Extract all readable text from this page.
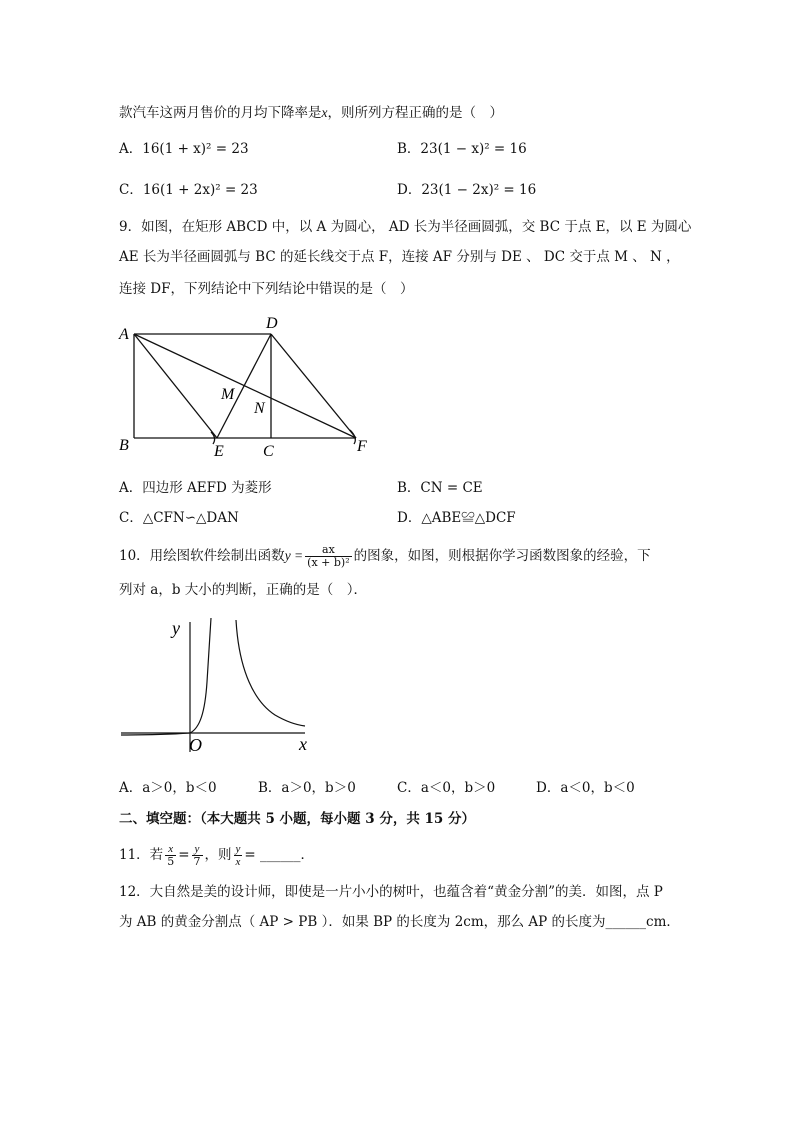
款汽车这两月售价的月均下降率是x，则所列方程正确的是（　）
A．16(1 + x)² = 23	B．23(1 − x)² = 16
C．16(1 + 2x)² = 23	D．23(1 − 2x)² = 16
9．如图，在矩形 ABCD 中，以 A 为圆心， AD 长为半径画圆弧，交 BC 于点 E，以 E 为圆心
AE 长为半径画圆弧与 BC 的延长线交于点 F，连接 AF 分别与 DE 、 DC 交于点 M 、 N ，
连接 DF，下列结论中下列结论中错误的是（　）
A
D
B	E C	F
M
N
A．四边形 AEFD 为菱形	B．CN = CE
C．△CFN∽△DAN	D．△ABE≌△DCF
10．用绘图软件绘制出函数$y = \frac{ax}{\text{(x + b)²}}$ 的图象，如图，则根据你学习函数图象的经验，下
列对 a，b 大小的判断，正确的是（　）．
y
x
O
A．a＞0，b＜0	B．a＞0，b＞0	C．a＜0，b＞0	D．a＜0，b＜0
二、填空题：（本大题共 5 小题，每小题 3 分，共 15 分）
11．若 $\frac{x}{5} = \frac{y}{7}$ ，则 $\frac{y}{x}$ = ______．
12．大自然是美的设计师，即使是一片小小的树叶，也蕴含着“黄金分割”的美．如图，点 P
为 AB 的黄金分割点（ AP > PB ）．如果 BP 的长度为 2cm，那么 AP 的长度为______cm．
